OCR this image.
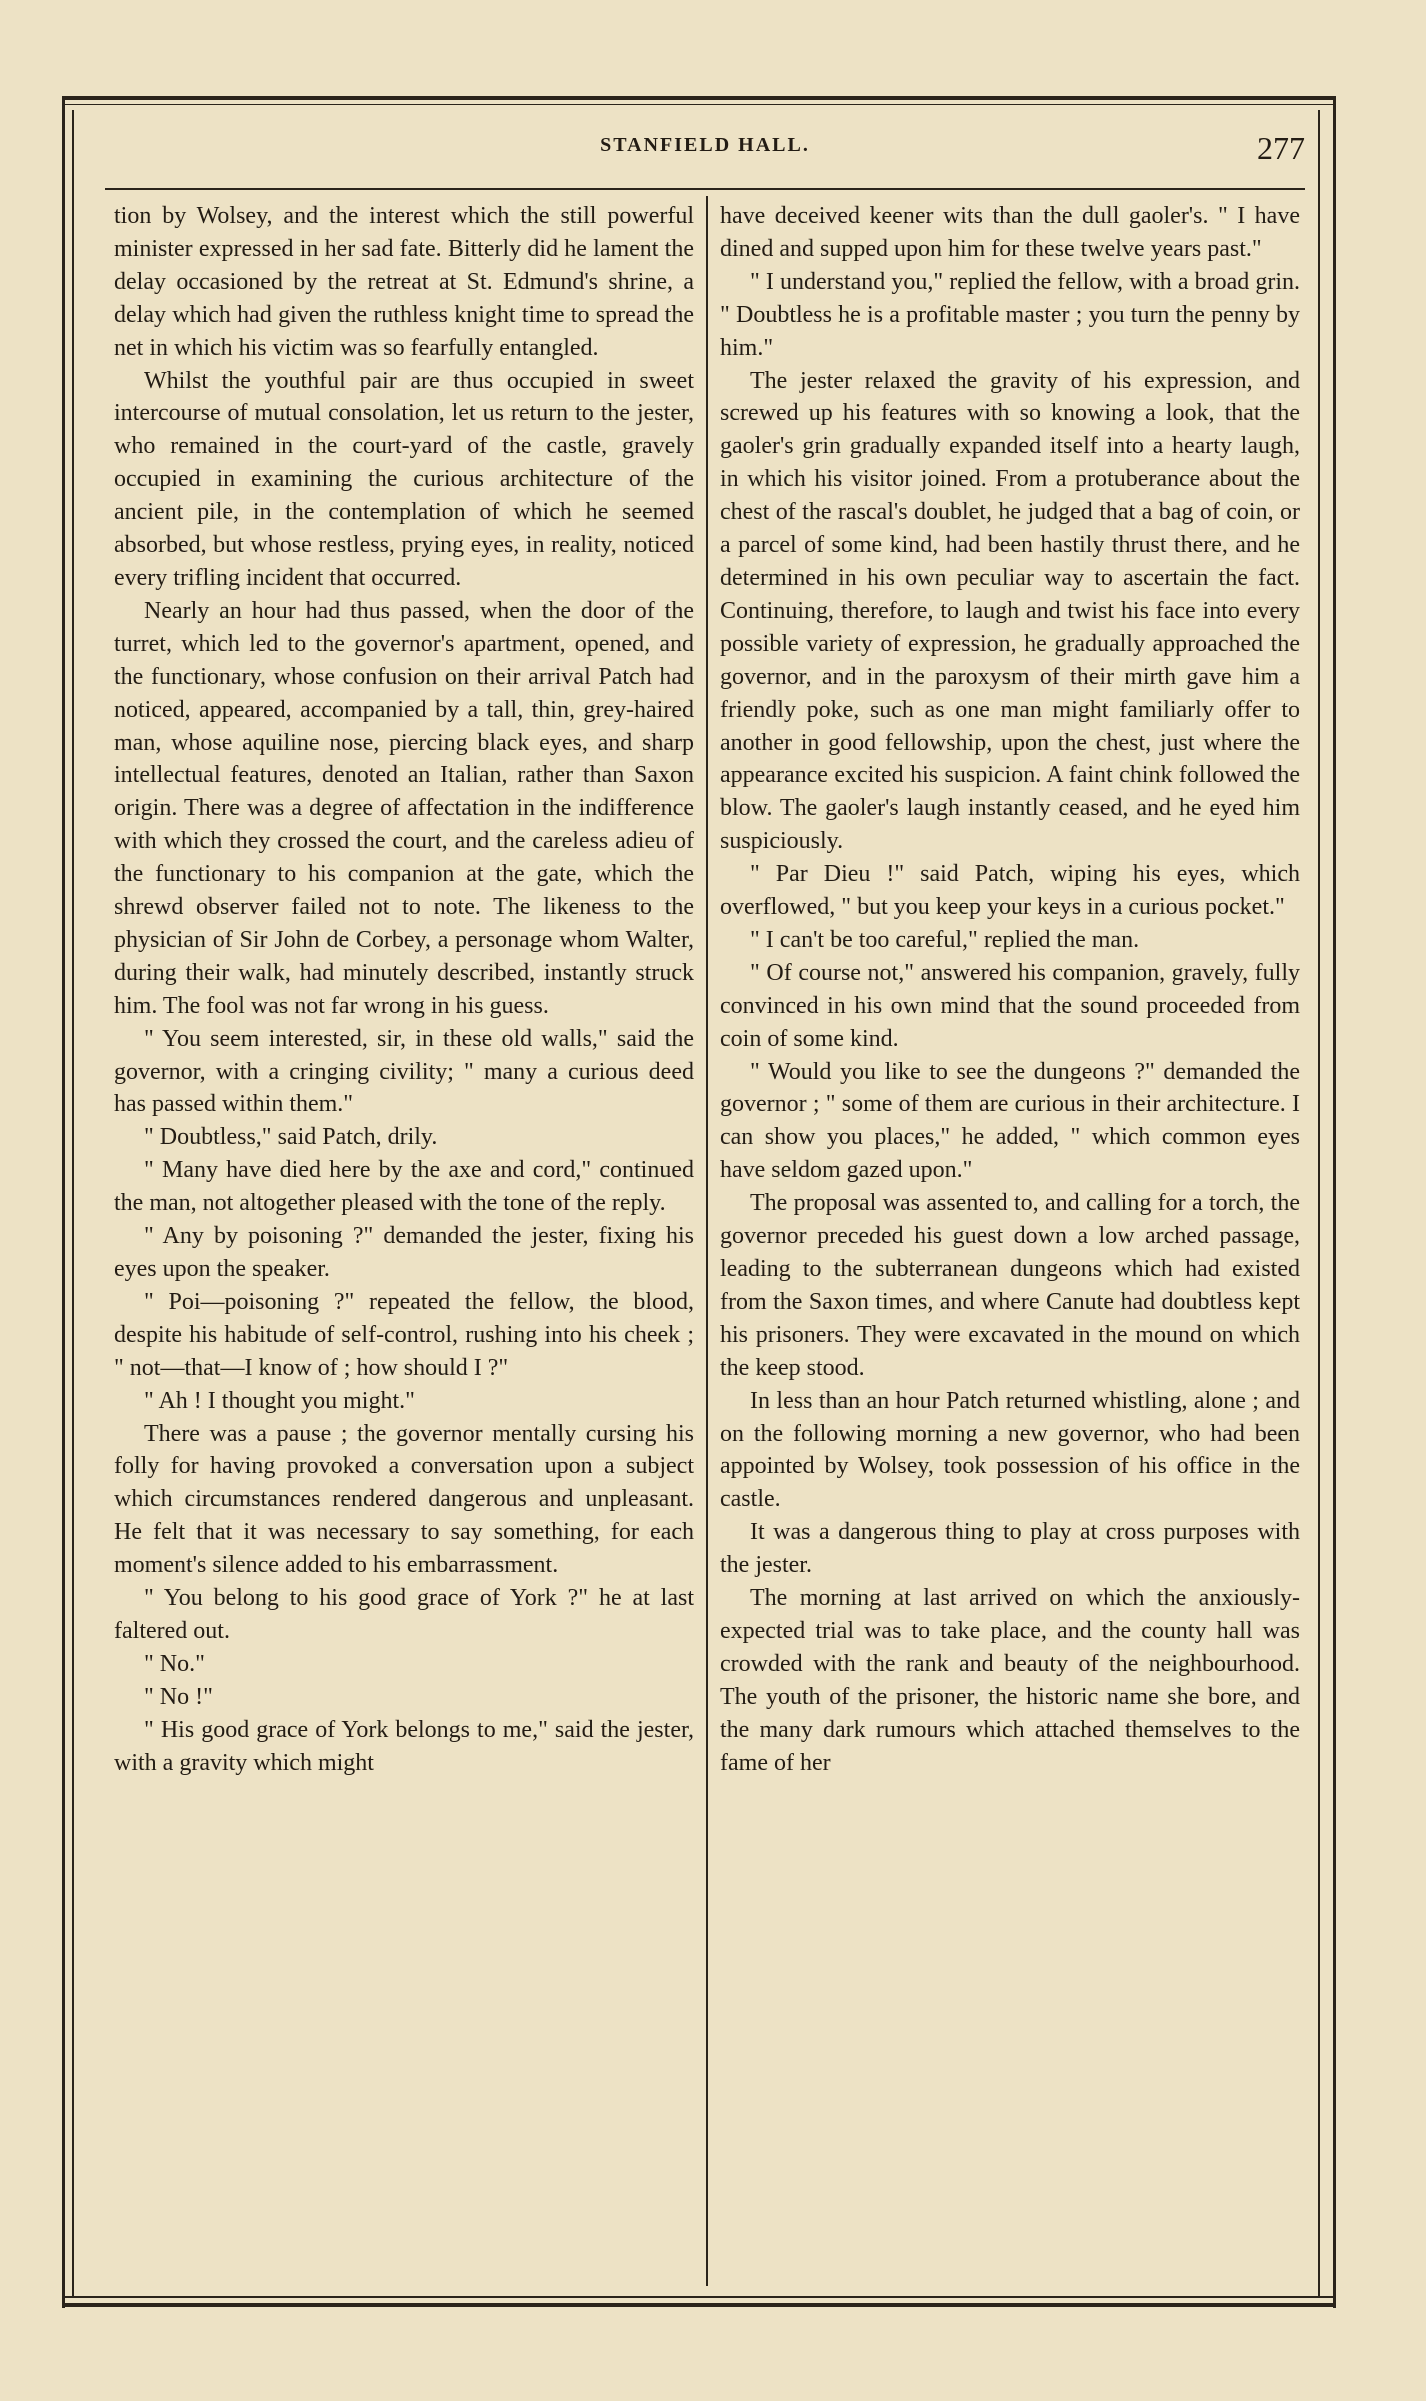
STANFIELD HALL.	277

tion by Wolsey, and the interest which the still powerful minister expressed in her sad fate. Bitterly did he lament the delay occasioned by the retreat at St. Edmund's shrine, a delay which had given the ruthless knight time to spread the net in which his victim was so fearfully entangled.

Whilst the youthful pair are thus occupied in sweet intercourse of mutual consolation, let us return to the jester, who remained in the court-yard of the castle, gravely occupied in examining the curious architecture of the ancient pile, in the contemplation of which he seemed absorbed, but whose restless, prying eyes, in reality, noticed every trifling incident that occurred.

Nearly an hour had thus passed, when the door of the turret, which led to the governor's apartment, opened, and the functionary, whose confusion on their arrival Patch had noticed, appeared, accompanied by a tall, thin, grey-haired man, whose aquiline nose, piercing black eyes, and sharp intellectual features, denoted an Italian, rather than Saxon origin. There was a degree of affectation in the indifference with which they crossed the court, and the careless adieu of the functionary to his companion at the gate, which the shrewd observer failed not to note. The likeness to the physician of Sir John de Corbey, a personage whom Walter, during their walk, had minutely described, instantly struck him. The fool was not far wrong in his guess.

" You seem interested, sir, in these old walls," said the governor, with a cringing civility; " many a curious deed has passed within them."

" Doubtless," said Patch, drily.

" Many have died here by the axe and cord," continued the man, not altogether pleased with the tone of the reply.

" Any by poisoning ?" demanded the jester, fixing his eyes upon the speaker.

" Poi—poisoning ?" repeated the fellow, the blood, despite his habitude of self-control, rushing into his cheek ; " not—that—I know of ; how should I ?"

" Ah ! I thought you might."

There was a pause ; the governor mentally cursing his folly for having provoked a conversation upon a subject which circumstances rendered dangerous and unpleasant. He felt that it was necessary to say something, for each moment's silence added to his embarrassment.

" You belong to his good grace of York ?" he at last faltered out.

" No."

" No !"

" His good grace of York belongs to me," said the jester, with a gravity which might

have deceived keener wits than the dull gaoler's. " I have dined and supped upon him for these twelve years past."

" I understand you," replied the fellow, with a broad grin. " Doubtless he is a profitable master ; you turn the penny by him."

The jester relaxed the gravity of his expression, and screwed up his features with so knowing a look, that the gaoler's grin gradually expanded itself into a hearty laugh, in which his visitor joined. From a protuberance about the chest of the rascal's doublet, he judged that a bag of coin, or a parcel of some kind, had been hastily thrust there, and he determined in his own peculiar way to ascertain the fact. Continuing, therefore, to laugh and twist his face into every possible variety of expression, he gradually approached the governor, and in the paroxysm of their mirth gave him a friendly poke, such as one man might familiarly offer to another in good fellowship, upon the chest, just where the appearance excited his suspicion. A faint chink followed the blow. The gaoler's laugh instantly ceased, and he eyed him suspiciously.

" Par Dieu !" said Patch, wiping his eyes, which overflowed, " but you keep your keys in a curious pocket."

" I can't be too careful," replied the man.

" Of course not," answered his companion, gravely, fully convinced in his own mind that the sound proceeded from coin of some kind.

" Would you like to see the dungeons ?" demanded the governor ; " some of them are curious in their architecture. I can show you places," he added, " which common eyes have seldom gazed upon."

The proposal was assented to, and calling for a torch, the governor preceded his guest down a low arched passage, leading to the subterranean dungeons which had existed from the Saxon times, and where Canute had doubtless kept his prisoners. They were excavated in the mound on which the keep stood.

In less than an hour Patch returned whistling, alone ; and on the following morning a new governor, who had been appointed by Wolsey, took possession of his office in the castle.

It was a dangerous thing to play at cross purposes with the jester.

The morning at last arrived on which the anxiously-expected trial was to take place, and the county hall was crowded with the rank and beauty of the neighbourhood. The youth of the prisoner, the historic name she bore, and the many dark rumours which attached themselves to the fame of her
